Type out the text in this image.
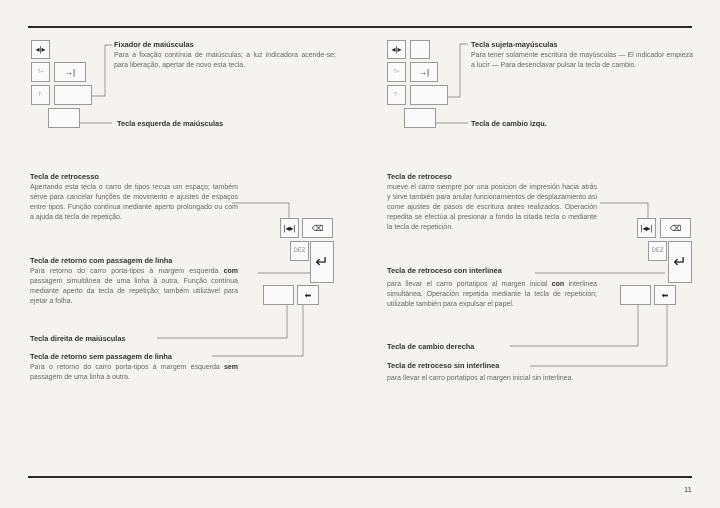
◂|▸
T+	→|
T-
Fixador de maiúsculas
Para a fixação contínua de maiúsculas; a luz indicadora acende-se; para liberação, apertar de novo esta tecla.
Tecla esquerda de maiúsculas
◂|▸
T+	→|
T-
Tecla sujeta-mayúsculas
Para tener solamente escritura de mayúsculas — El indicador empieza a lucir — Para desenclavar pulsar la tecla de cambio.
Tecla de cambio izqu.
Tecla de retrocesso
Apertando esta tecla o carro de tipos recua um espaço; também serve para cancelar funções de movimento e ajustes de espaços entre tipos. Função contínua mediante aperto prolongado ou com a ajuda da tecla de repetição.
Tecla de retorno com passagem de linha
Para retorno do carro porta-tipos à margem esquerda com passagem simultânea de uma linha à outra. Função contínua mediante aperto da tecla de repetição; também utilizável para ejetar a folha.
Tecla direita de maiúsculas
Tecla de retorno sem passagem de linha
Para o retorno do carro porta-tipos à margem esquerda sem passagem de uma linha à outra.
|◂▸|	⌫
DEZ
↵
⬅
Tecla de retroceso
mueve el carro siempre por una posicion de impresión hacia atrás y sirve también para anular funcionamientos de desplazamiento asi come ajustes de pasos de escritura antes realizados. Operación repedita se efectúa al presionar a fondo la citada tecla o mediante la tecla de repetición.
Tecla de retroceso con interlinea
para llevar el carro portatipos al margen inicial con interlinea simultánea. Operación repetida mediante la tecla de repetición; utilizable también para expulsar el papel.
Tecla de cambio derecha
Tecla de retroceso sin interlinea
para llevar el carro portatipos al margen inicial sin interlinea.
|◂▸|	⌫
DEZ
↵
⬅
11
